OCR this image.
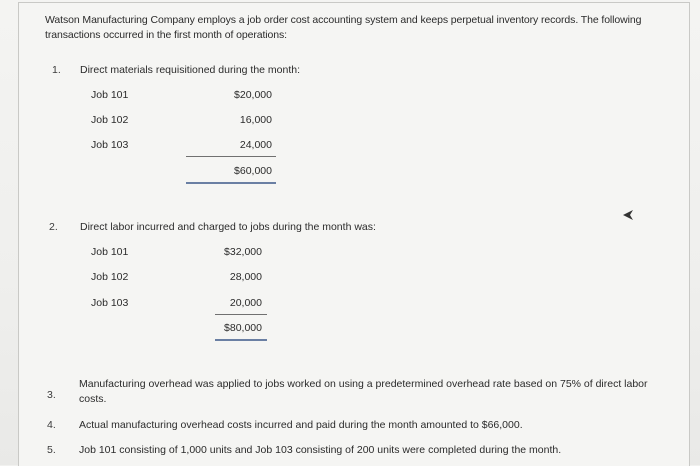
Watson Manufacturing Company employs a job order cost accounting system and keeps perpetual inventory records. The following transactions occurred in the first month of operations:
1. Direct materials requisitioned during the month:
Job 101	$20,000
Job 102	16,000
Job 103	24,000
$60,000
2. Direct labor incurred and charged to jobs during the month was:
Job 101	$32,000
Job 102	28,000
Job 103	20,000
$80,000
3.
Manufacturing overhead was applied to jobs worked on using a predetermined overhead rate based on 75% of direct labor costs.
4. Actual manufacturing overhead costs incurred and paid during the month amounted to $66,000.
5. Job 101 consisting of 1,000 units and Job 103 consisting of 200 units were completed during the month.
